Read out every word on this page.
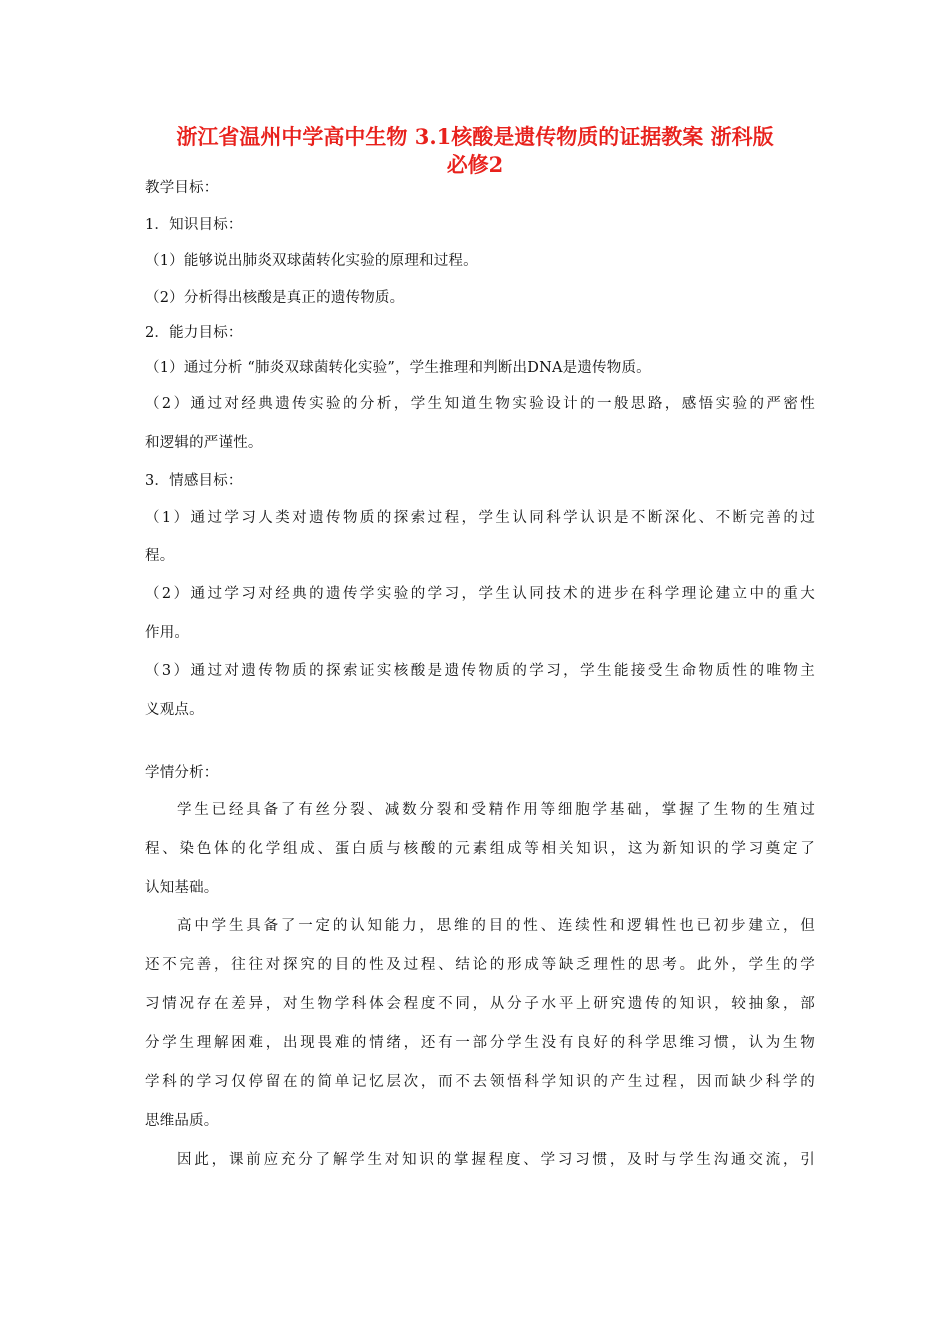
浙江省温州中学高中生物 3.1核酸是遗传物质的证据教案 浙科版
必修2

教学目标：

1．知识目标：

（1）能够说出肺炎双球菌转化实验的原理和过程。

（2）分析得出核酸是真正的遗传物质。

2．能力目标：

（1）通过分析 “肺炎双球菌转化实验”，学生推理和判断出DNA是遗传物质。

（2）通过对经典遗传实验的分析，学生知道生物实验设计的一般思路，感悟实验的严密性

和逻辑的严谨性。

3．情感目标：

（1）通过学习人类对遗传物质的探索过程，学生认同科学认识是不断深化、不断完善的过

程。

（2）通过学习对经典的遗传学实验的学习，学生认同技术的进步在科学理论建立中的重大

作用。

（3）通过对遗传物质的探索证实核酸是遗传物质的学习，学生能接受生命物质性的唯物主

义观点。

学情分析：

学生已经具备了有丝分裂、减数分裂和受精作用等细胞学基础，掌握了生物的生殖过

程、染色体的化学组成、蛋白质与核酸的元素组成等相关知识，这为新知识的学习奠定了

认知基础。

高中学生具备了一定的认知能力，思维的目的性、连续性和逻辑性也已初步建立，但

还不完善，往往对探究的目的性及过程、结论的形成等缺乏理性的思考。此外，学生的学

习情况存在差异，对生物学科体会程度不同，从分子水平上研究遗传的知识，较抽象，部

分学生理解困难，出现畏难的情绪，还有一部分学生没有良好的科学思维习惯，认为生物

学科的学习仅停留在的简单记忆层次，而不去领悟科学知识的产生过程，因而缺少科学的

思维品质。

因此，课前应充分了解学生对知识的掌握程度、学习习惯，及时与学生沟通交流，引
